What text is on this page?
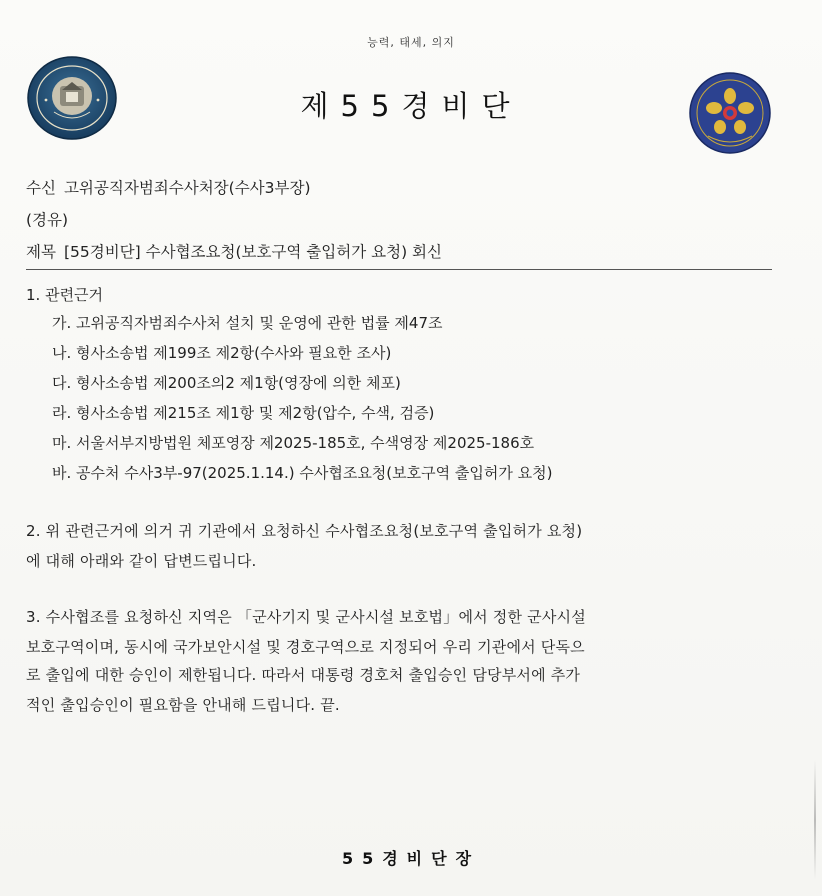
능력, 태세, 의지
제55경비단
수신 고위공직자범죄수사처장(수사3부장)
(경유)
제목 [55경비단] 수사협조요청(보호구역 출입허가 요청) 회신
1. 관련근거
가. 고위공직자범죄수사처 설치 및 운영에 관한 법률 제47조
나. 형사소송법 제199조 제2항(수사와 필요한 조사)
다. 형사소송법 제200조의2 제1항(영장에 의한 체포)
라. 형사소송법 제215조 제1항 및 제2항(압수, 수색, 검증)
마. 서울서부지방법원 체포영장 제2025-185호, 수색영장 제2025-186호
바. 공수처 수사3부-97(2025.1.14.) 수사협조요청(보호구역 출입허가 요청)
2. 위 관련근거에 의거 귀 기관에서 요청하신 수사협조요청(보호구역 출입허가 요청)
에 대해 아래와 같이 답변드립니다.
3. 수사협조를 요청하신 지역은 「군사기지 및 군사시설 보호법」에서 정한 군사시설
보호구역이며, 동시에 국가보안시설 및 경호구역으로 지정되어 우리 기관에서 단독으
로 출입에 대한 승인이 제한됩니다. 따라서 대통령 경호처 출입승인 담당부서에 추가
적인 출입승인이 필요함을 안내해 드립니다. 끝.
55경비단장
